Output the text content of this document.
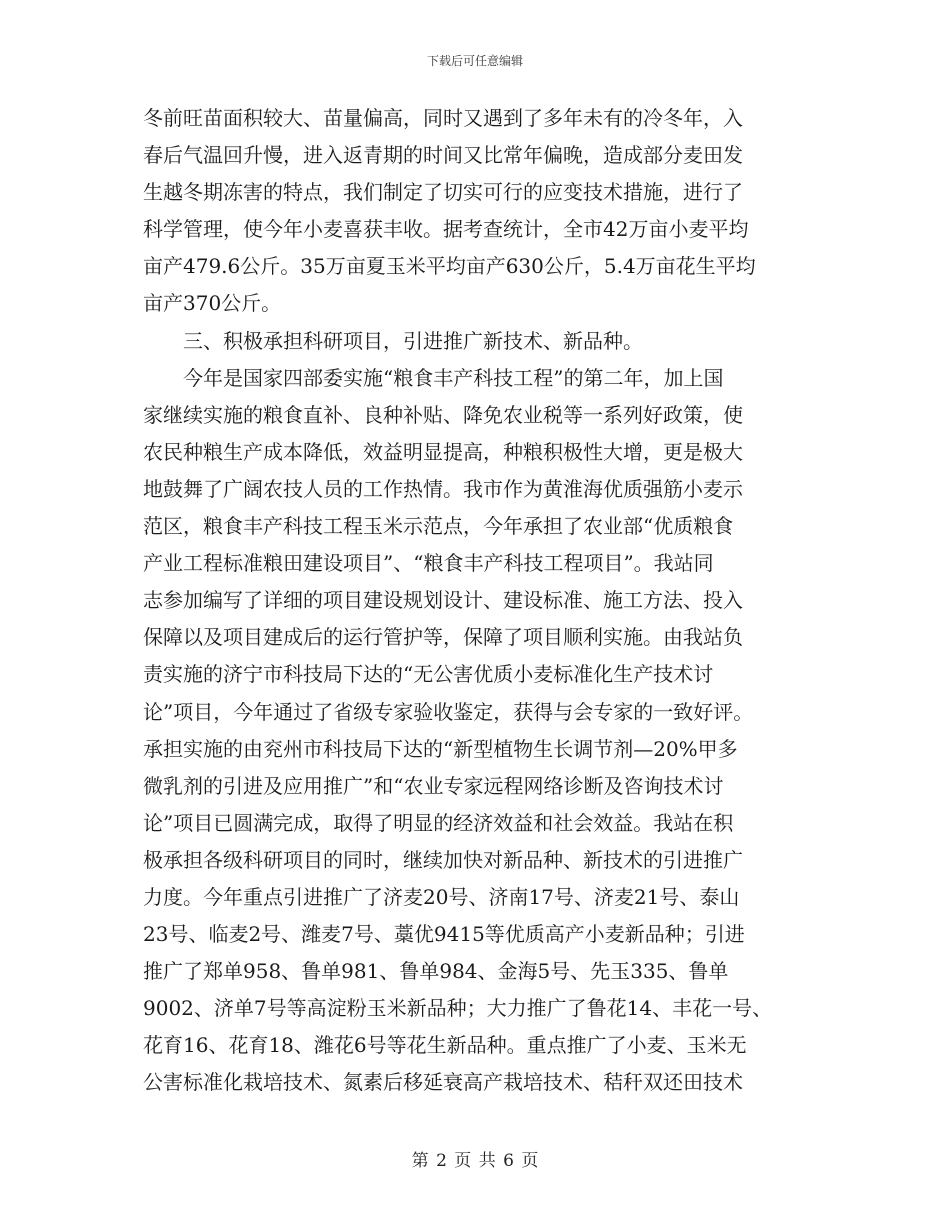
下载后可任意编辑
冬前旺苗面积较大、苗量偏高，同时又遇到了多年未有的冷冬年，入
春后气温回升慢，进入返青期的时间又比常年偏晚，造成部分麦田发
生越冬期冻害的特点，我们制定了切实可行的应变技术措施，进行了
科学管理，使今年小麦喜获丰收。据考查统计，全市42万亩小麦平均
亩产479.6公斤。35万亩夏玉米平均亩产630公斤，5.4万亩花生平均
亩产370公斤。
三、积极承担科研项目，引进推广新技术、新品种。
今年是国家四部委实施“粮食丰产科技工程”的第二年，加上国
家继续实施的粮食直补、良种补贴、降免农业税等一系列好政策，使
农民种粮生产成本降低，效益明显提高，种粮积极性大增，更是极大
地鼓舞了广阔农技人员的工作热情。我市作为黄淮海优质强筋小麦示
范区，粮食丰产科技工程玉米示范点，今年承担了农业部“优质粮食
产业工程标准粮田建设项目”、“粮食丰产科技工程项目”。我站同
志参加编写了详细的项目建设规划设计、建设标准、施工方法、投入
保障以及项目建成后的运行管护等，保障了项目顺利实施。由我站负
责实施的济宁市科技局下达的“无公害优质小麦标准化生产技术讨
论”项目，今年通过了省级专家验收鉴定，获得与会专家的一致好评。
承担实施的由兖州市科技局下达的“新型植物生长调节剂—20%甲多
微乳剂的引进及应用推广”和“农业专家远程网络诊断及咨询技术讨
论”项目已圆满完成，取得了明显的经济效益和社会效益。我站在积
极承担各级科研项目的同时，继续加快对新品种、新技术的引进推广
力度。今年重点引进推广了济麦20号、济南17号、济麦21号、泰山
23号、临麦2号、潍麦7号、藁优9415等优质高产小麦新品种；引进
推广了郑单958、鲁单981、鲁单984、金海5号、先玉335、鲁单
9002、济单7号等高淀粉玉米新品种；大力推广了鲁花14、丰花一号、
花育16、花育18、潍花6号等花生新品种。重点推广了小麦、玉米无
公害标准化栽培技术、氮素后移延衰高产栽培技术、秸秆双还田技术
第 2 页 共 6 页
